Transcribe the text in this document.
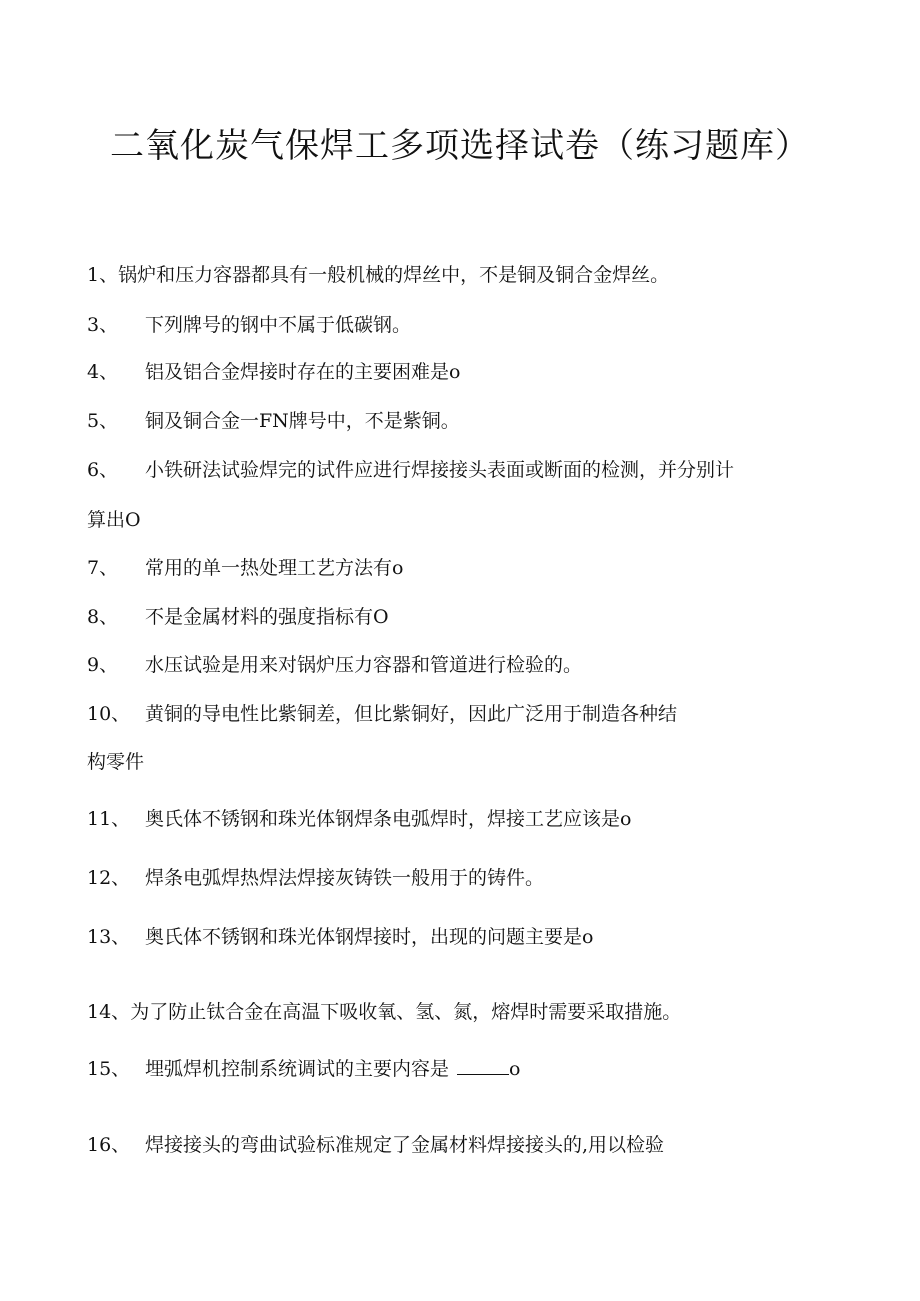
二氧化炭气保焊工多项选择试卷（练习题库）
1、锅炉和压力容器都具有一般机械的焊丝中，不是铜及铜合金焊丝。
3、 下列牌号的钢中不属于低碳钢。
4、 铝及铝合金焊接时存在的主要困难是o
5、 铜及铜合金一FN牌号中，不是紫铜。
6、 小铁研法试验焊完的试件应进行焊接接头表面或断面的检测，并分别计
算出O
7、 常用的单一热处理工艺方法有o
8、 不是金属材料的强度指标有O
9、 水压试验是用来对锅炉压力容器和管道进行检验的。
10、 黄铜的导电性比紫铜差，但比紫铜好，因此广泛用于制造各种结
构零件
11、 奥氏体不锈钢和珠光体钢焊条电弧焊时，焊接工艺应该是o
12、 焊条电弧焊热焊法焊接灰铸铁一般用于的铸件。
13、 奥氏体不锈钢和珠光体钢焊接时，出现的问题主要是o
14、为了防止钛合金在高温下吸收氧、氢、氮，熔焊时需要采取措施。
15、 埋弧焊机控制系统调试的主要内容是	o
16、 焊接接头的弯曲试验标准规定了金属材料焊接接头的,用以检验
